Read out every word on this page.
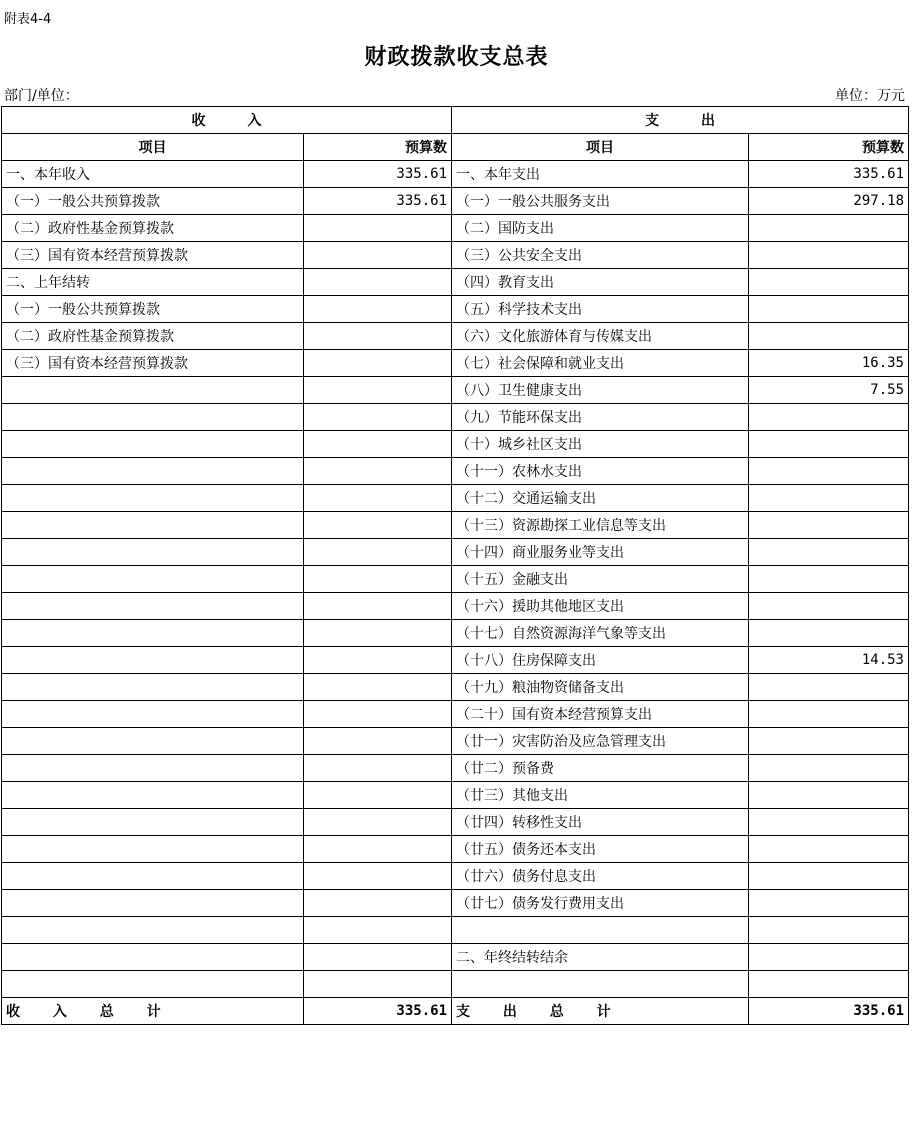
附表4-4
财政拨款收支总表
部门/单位：	单位：万元
收　　　入		支　　　出	
项目	预算数	项目	预算数
一、本年收入	335.61	一、本年支出	335.61
（一）一般公共预算拨款	335.61	（一）一般公共服务支出	297.18
（二）政府性基金预算拨款		（二）国防支出	
（三）国有资本经营预算拨款		（三）公共安全支出	
二、上年结转		（四）教育支出	
（一）一般公共预算拨款		（五）科学技术支出	
（二）政府性基金预算拨款		（六）文化旅游体育与传媒支出	
（三）国有资本经营预算拨款		（七）社会保障和就业支出	16.35
		（八）卫生健康支出	7.55
		（九）节能环保支出	
		（十）城乡社区支出	
		（十一）农林水支出	
		（十二）交通运输支出	
		（十三）资源勘探工业信息等支出	
		（十四）商业服务业等支出	
		（十五）金融支出	
		（十六）援助其他地区支出	
		（十七）自然资源海洋气象等支出	
		（十八）住房保障支出	14.53
		（十九）粮油物资储备支出	
		（二十）国有资本经营预算支出	
		（廿一）灾害防治及应急管理支出	
		（廿二）预备费	
		（廿三）其他支出	
		（廿四）转移性支出	
		（廿五）债务还本支出	
		（廿六）债务付息支出	
		（廿七）债务发行费用支出	

		二、年终结转结余	

收 入 总 计	335.61	支 出 总 计	335.61
